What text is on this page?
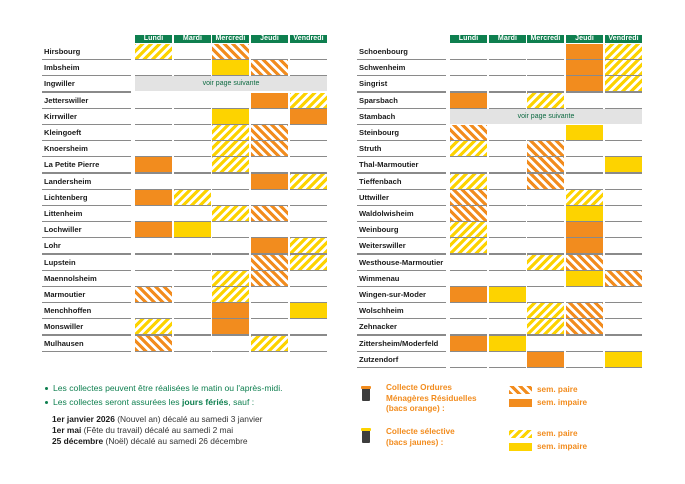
Lundi	Mardi	Mercredi	Jeudi	Vendredi
Hirsbourg
Imbsheim
Ingwiller	voir page suivante
Jetterswiller
Kirrwiller
Kleingoeft
Knoersheim
La Petite Pierre
Landersheim
Lichtenberg
Littenheim
Lochwiller
Lohr
Lupstein
Maennolsheim
Marmoutier
Menchhoffen
Monswiller
Mulhausen
Lundi	Mardi	Mercredi	Jeudi	Vendredi
Schoenbourg
Schwenheim
Singrist
Sparsbach
Stambach	voir page suivante
Steinbourg
Struth
Thal-Marmoutier
Tieffenbach
Uttwiller
Waldolwisheim
Weinbourg
Weiterswiller
Westhouse-Marmoutier
Wimmenau
Wingen-sur-Moder
Wolschheim
Zehnacker
Zittersheim/Moderfeld
Zutzendorf
Les collectes peuvent être réalisées le matin ou l'après-midi.
Les collectes seront assurées les jours fériés, sauf :
1er janvier 2026 (Nouvel an) décalé au samedi 3 janvier
1er mai (Fête du travail) décalé au samedi 2 mai
25 décembre (Noël) décalé au samedi 26 décembre
Collecte Ordures
Ménagères Résiduelles
(bacs orange) :
sem. paire
sem. impaire
Collecte sélective
(bacs jaunes) :
sem. paire
sem. impaire
